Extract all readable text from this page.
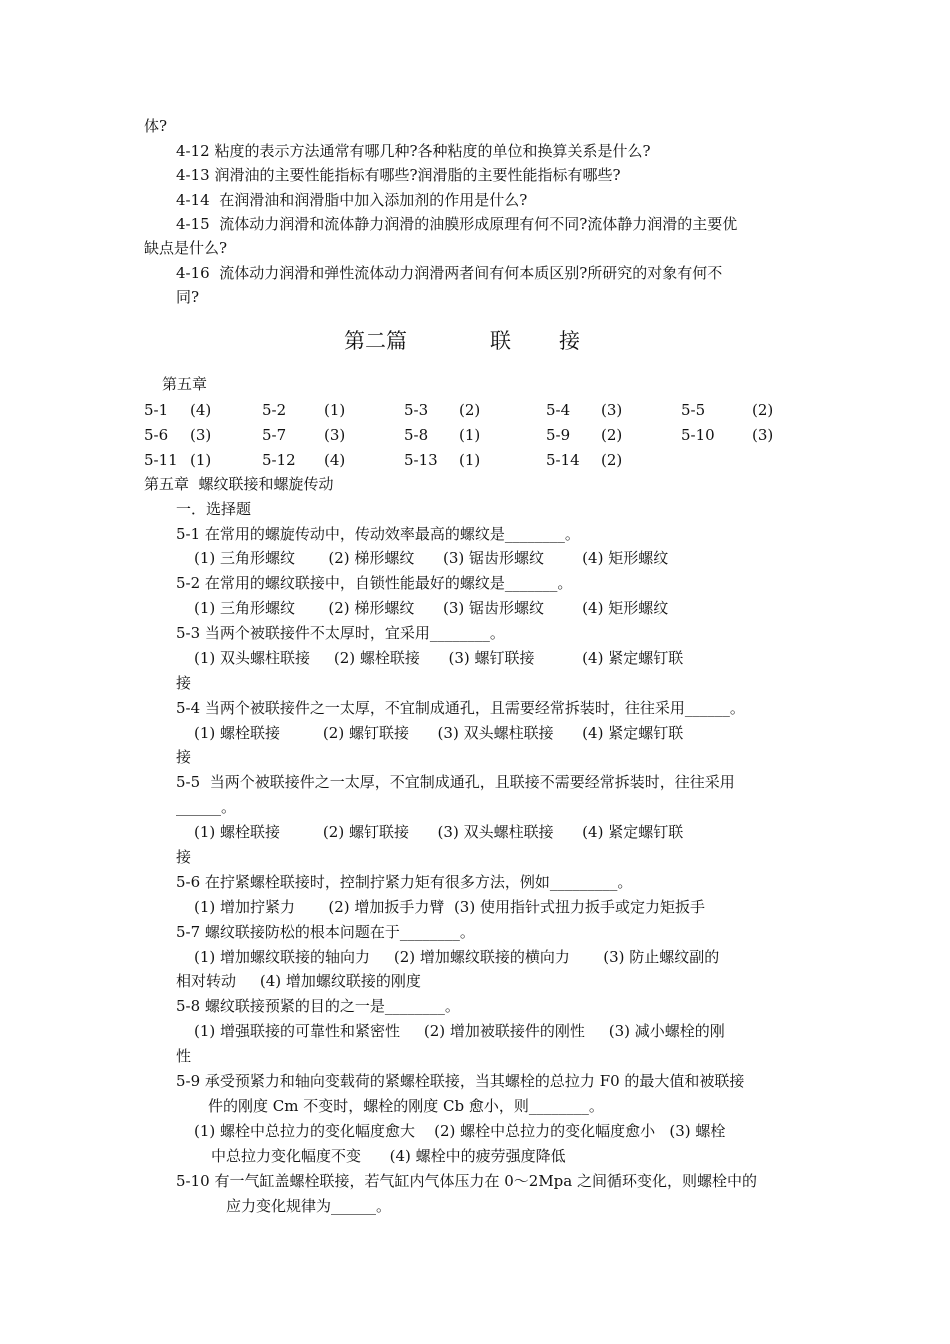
体?
4-12 粘度的表示方法通常有哪几种?各种粘度的单位和换算关系是什么?
4-13 润滑油的主要性能指标有哪些?润滑脂的主要性能指标有哪些?
4-14  在润滑油和润滑脂中加入添加剂的作用是什么?
4-15  流体动力润滑和流体静力润滑的油膜形成原理有何不同?流体静力润滑的主要优
缺点是什么?
4-16  流体动力润滑和弹性流体动力润滑两者间有何本质区别?所研究的对象有何不
同?
第二篇	联 接
第五章
5-1 (4)	5-2	(1)	5-3 (2)	5-4 (3)	5-5	(2)
5-6 (3)	5-7	(3)	5-8 (1)	5-9 (2)	5-10 (3)
5-11 (1)	5-12 (4)	5-13 (1)	5-14 (2)
第五章  螺纹联接和螺旋传动
一．选择题
5-1 在常用的螺旋传动中，传动效率最高的螺纹是________。
(1) 三角形螺纹       (2) 梯形螺纹      (3) 锯齿形螺纹        (4) 矩形螺纹
5-2 在常用的螺纹联接中，自锁性能最好的螺纹是_______。
(1) 三角形螺纹       (2) 梯形螺纹      (3) 锯齿形螺纹        (4) 矩形螺纹
5-3 当两个被联接件不太厚时，宜采用________。
(1) 双头螺柱联接     (2) 螺栓联接      (3) 螺钉联接          (4) 紧定螺钉联
接
5-4 当两个被联接件之一太厚，不宜制成通孔，且需要经常拆装时，往往采用______。
(1) 螺栓联接         (2) 螺钉联接      (3) 双头螺柱联接      (4) 紧定螺钉联
接
5-5  当两个被联接件之一太厚，不宜制成通孔，且联接不需要经常拆装时，往往采用
______。
(1) 螺栓联接         (2) 螺钉联接      (3) 双头螺柱联接      (4) 紧定螺钉联
接
5-6 在拧紧螺栓联接时，控制拧紧力矩有很多方法，例如_________。
(1) 增加拧紧力       (2) 增加扳手力臂  (3) 使用指针式扭力扳手或定力矩扳手
5-7 螺纹联接防松的根本问题在于________。
(1) 增加螺纹联接的轴向力     (2) 增加螺纹联接的横向力       (3) 防止螺纹副的
相对转动     (4) 增加螺纹联接的刚度
5-8 螺纹联接预紧的目的之一是________。
(1) 增强联接的可靠性和紧密性     (2) 增加被联接件的刚性     (3) 减小螺栓的刚
性
5-9 承受预紧力和轴向变载荷的紧螺栓联接，当其螺栓的总拉力 F0 的最大值和被联接
件的刚度 Cm 不变时，螺栓的刚度 Cb 愈小，则________。
(1) 螺栓中总拉力的变化幅度愈大    (2) 螺栓中总拉力的变化幅度愈小   (3) 螺栓
中总拉力变化幅度不变      (4) 螺栓中的疲劳强度降低
5-10 有一气缸盖螺栓联接，若气缸内气体压力在 0～2Mpa 之间循环变化，则螺栓中的
应力变化规律为______。
